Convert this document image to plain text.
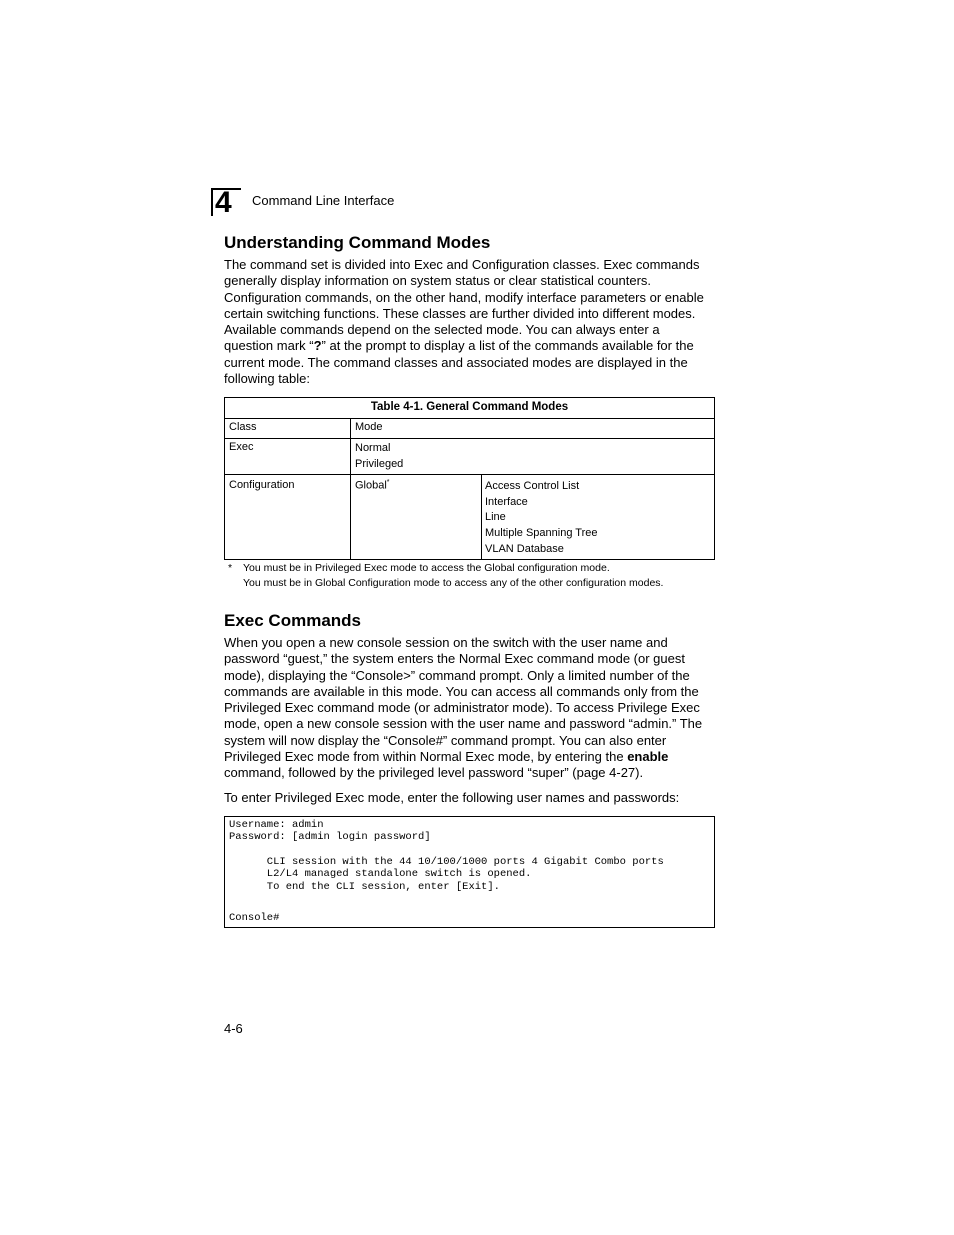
4 Command Line Interface
Understanding Command Modes
The command set is divided into Exec and Configuration classes. Exec commands
generally display information on system status or clear statistical counters.
Configuration commands, on the other hand, modify interface parameters or enable
certain switching functions. These classes are further divided into different modes.
Available commands depend on the selected mode. You can always enter a
question mark “?” at the prompt to display a list of the commands available for the
current mode. The command classes and associated modes are displayed in the
following table:
Table 4-1. General Command Modes
Class	Mode
Exec	Normal
Privileged
Configuration	Global*	Access Control List
Interface
Line
Multiple Spanning Tree
VLAN Database
* You must be in Privileged Exec mode to access the Global configuration mode.
You must be in Global Configuration mode to access any of the other configuration modes.
Exec Commands
When you open a new console session on the switch with the user name and
password “guest,” the system enters the Normal Exec command mode (or guest
mode), displaying the “Console>” command prompt. Only a limited number of the
commands are available in this mode. You can access all commands only from the
Privileged Exec command mode (or administrator mode). To access Privilege Exec
mode, open a new console session with the user name and password “admin.” The
system will now display the “Console#” command prompt. You can also enter
Privileged Exec mode from within Normal Exec mode, by entering the enable
command, followed by the privileged level password “super” (page 4-27).
To enter Privileged Exec mode, enter the following user names and passwords:
Username: admin
Password: [admin login password]
CLI session with the 44 10/100/1000 ports 4 Gigabit Combo ports
L2/L4 managed standalone switch is opened.
To end the CLI session, enter [Exit].
Console#
4-6
